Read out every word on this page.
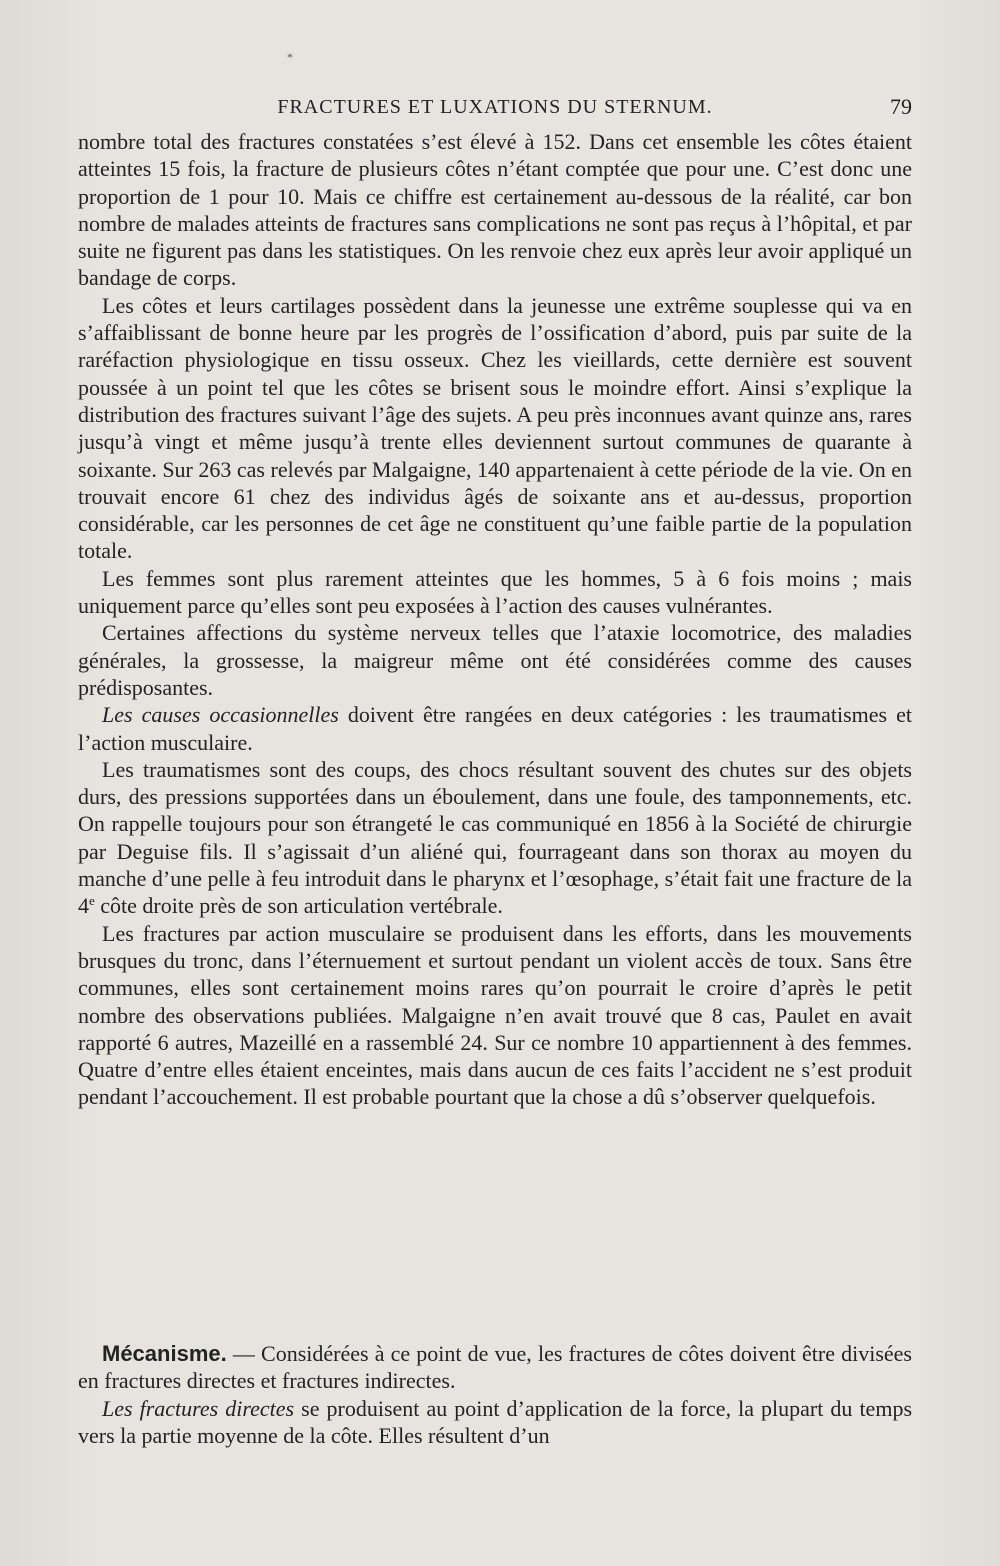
*
FRACTURES ET LUXATIONS DU STERNUM.	79

nombre total des fractures constatées s’est élevé à 152. Dans cet ensemble les côtes étaient atteintes 15 fois, la fracture de plusieurs côtes n’étant comptée que pour une. C’est donc une proportion de 1 pour 10. Mais ce chiffre est certainement au-dessous de la réalité, car bon nombre de malades atteints de fractures sans complications ne sont pas reçus à l’hôpital, et par suite ne figurent pas dans les statistiques. On les renvoie chez eux après leur avoir appliqué un bandage de corps.

Les côtes et leurs cartilages possèdent dans la jeunesse une extrême souplesse qui va en s’affaiblissant de bonne heure par les progrès de l’ossification d’abord, puis par suite de la raréfaction physiologique en tissu osseux. Chez les vieillards, cette dernière est souvent poussée à un point tel que les côtes se brisent sous le moindre effort. Ainsi s’explique la distribution des fractures suivant l’âge des sujets. A peu près inconnues avant quinze ans, rares jusqu’à vingt et même jusqu’à trente elles deviennent surtout communes de quarante à soixante. Sur 263 cas relevés par Malgaigne, 140 appartenaient à cette période de la vie. On en trouvait encore 61 chez des individus âgés de soixante ans et au-dessus, proportion considérable, car les personnes de cet âge ne constituent qu’une faible partie de la population totale.

Les femmes sont plus rarement atteintes que les hommes, 5 à 6 fois moins ; mais uniquement parce qu’elles sont peu exposées à l’action des causes vulnérantes.

Certaines affections du système nerveux telles que l’ataxie locomotrice, des maladies générales, la grossesse, la maigreur même ont été considérées comme des causes prédisposantes.

Les causes occasionnelles doivent être rangées en deux catégories : les traumatismes et l’action musculaire.

Les traumatismes sont des coups, des chocs résultant souvent des chutes sur des objets durs, des pressions supportées dans un éboulement, dans une foule, des tamponnements, etc. On rappelle toujours pour son étrangeté le cas communiqué en 1856 à la Société de chirurgie par Deguise fils. Il s’agissait d’un aliéné qui, fourrageant dans son thorax au moyen du manche d’une pelle à feu introduit dans le pharynx et l’œsophage, s’était fait une fracture de la 4e côte droite près de son articulation vertébrale.

Les fractures par action musculaire se produisent dans les efforts, dans les mouvements brusques du tronc, dans l’éternuement et surtout pendant un violent accès de toux. Sans être communes, elles sont certainement moins rares qu’on pourrait le croire d’après le petit nombre des observations publiées. Malgaigne n’en avait trouvé que 8 cas, Paulet en avait rapporté 6 autres, Mazeillé en a rassemblé 24. Sur ce nombre 10 appartiennent à des femmes. Quatre d’entre elles étaient enceintes, mais dans aucun de ces faits l’accident ne s’est produit pendant l’accouchement. Il est probable pourtant que la chose a dû s’observer quelquefois.

Mécanisme. — Considérées à ce point de vue, les fractures de côtes doivent être divisées en fractures directes et fractures indirectes.

Les fractures directes se produisent au point d’application de la force, la plupart du temps vers la partie moyenne de la côte. Elles résultent d’un
